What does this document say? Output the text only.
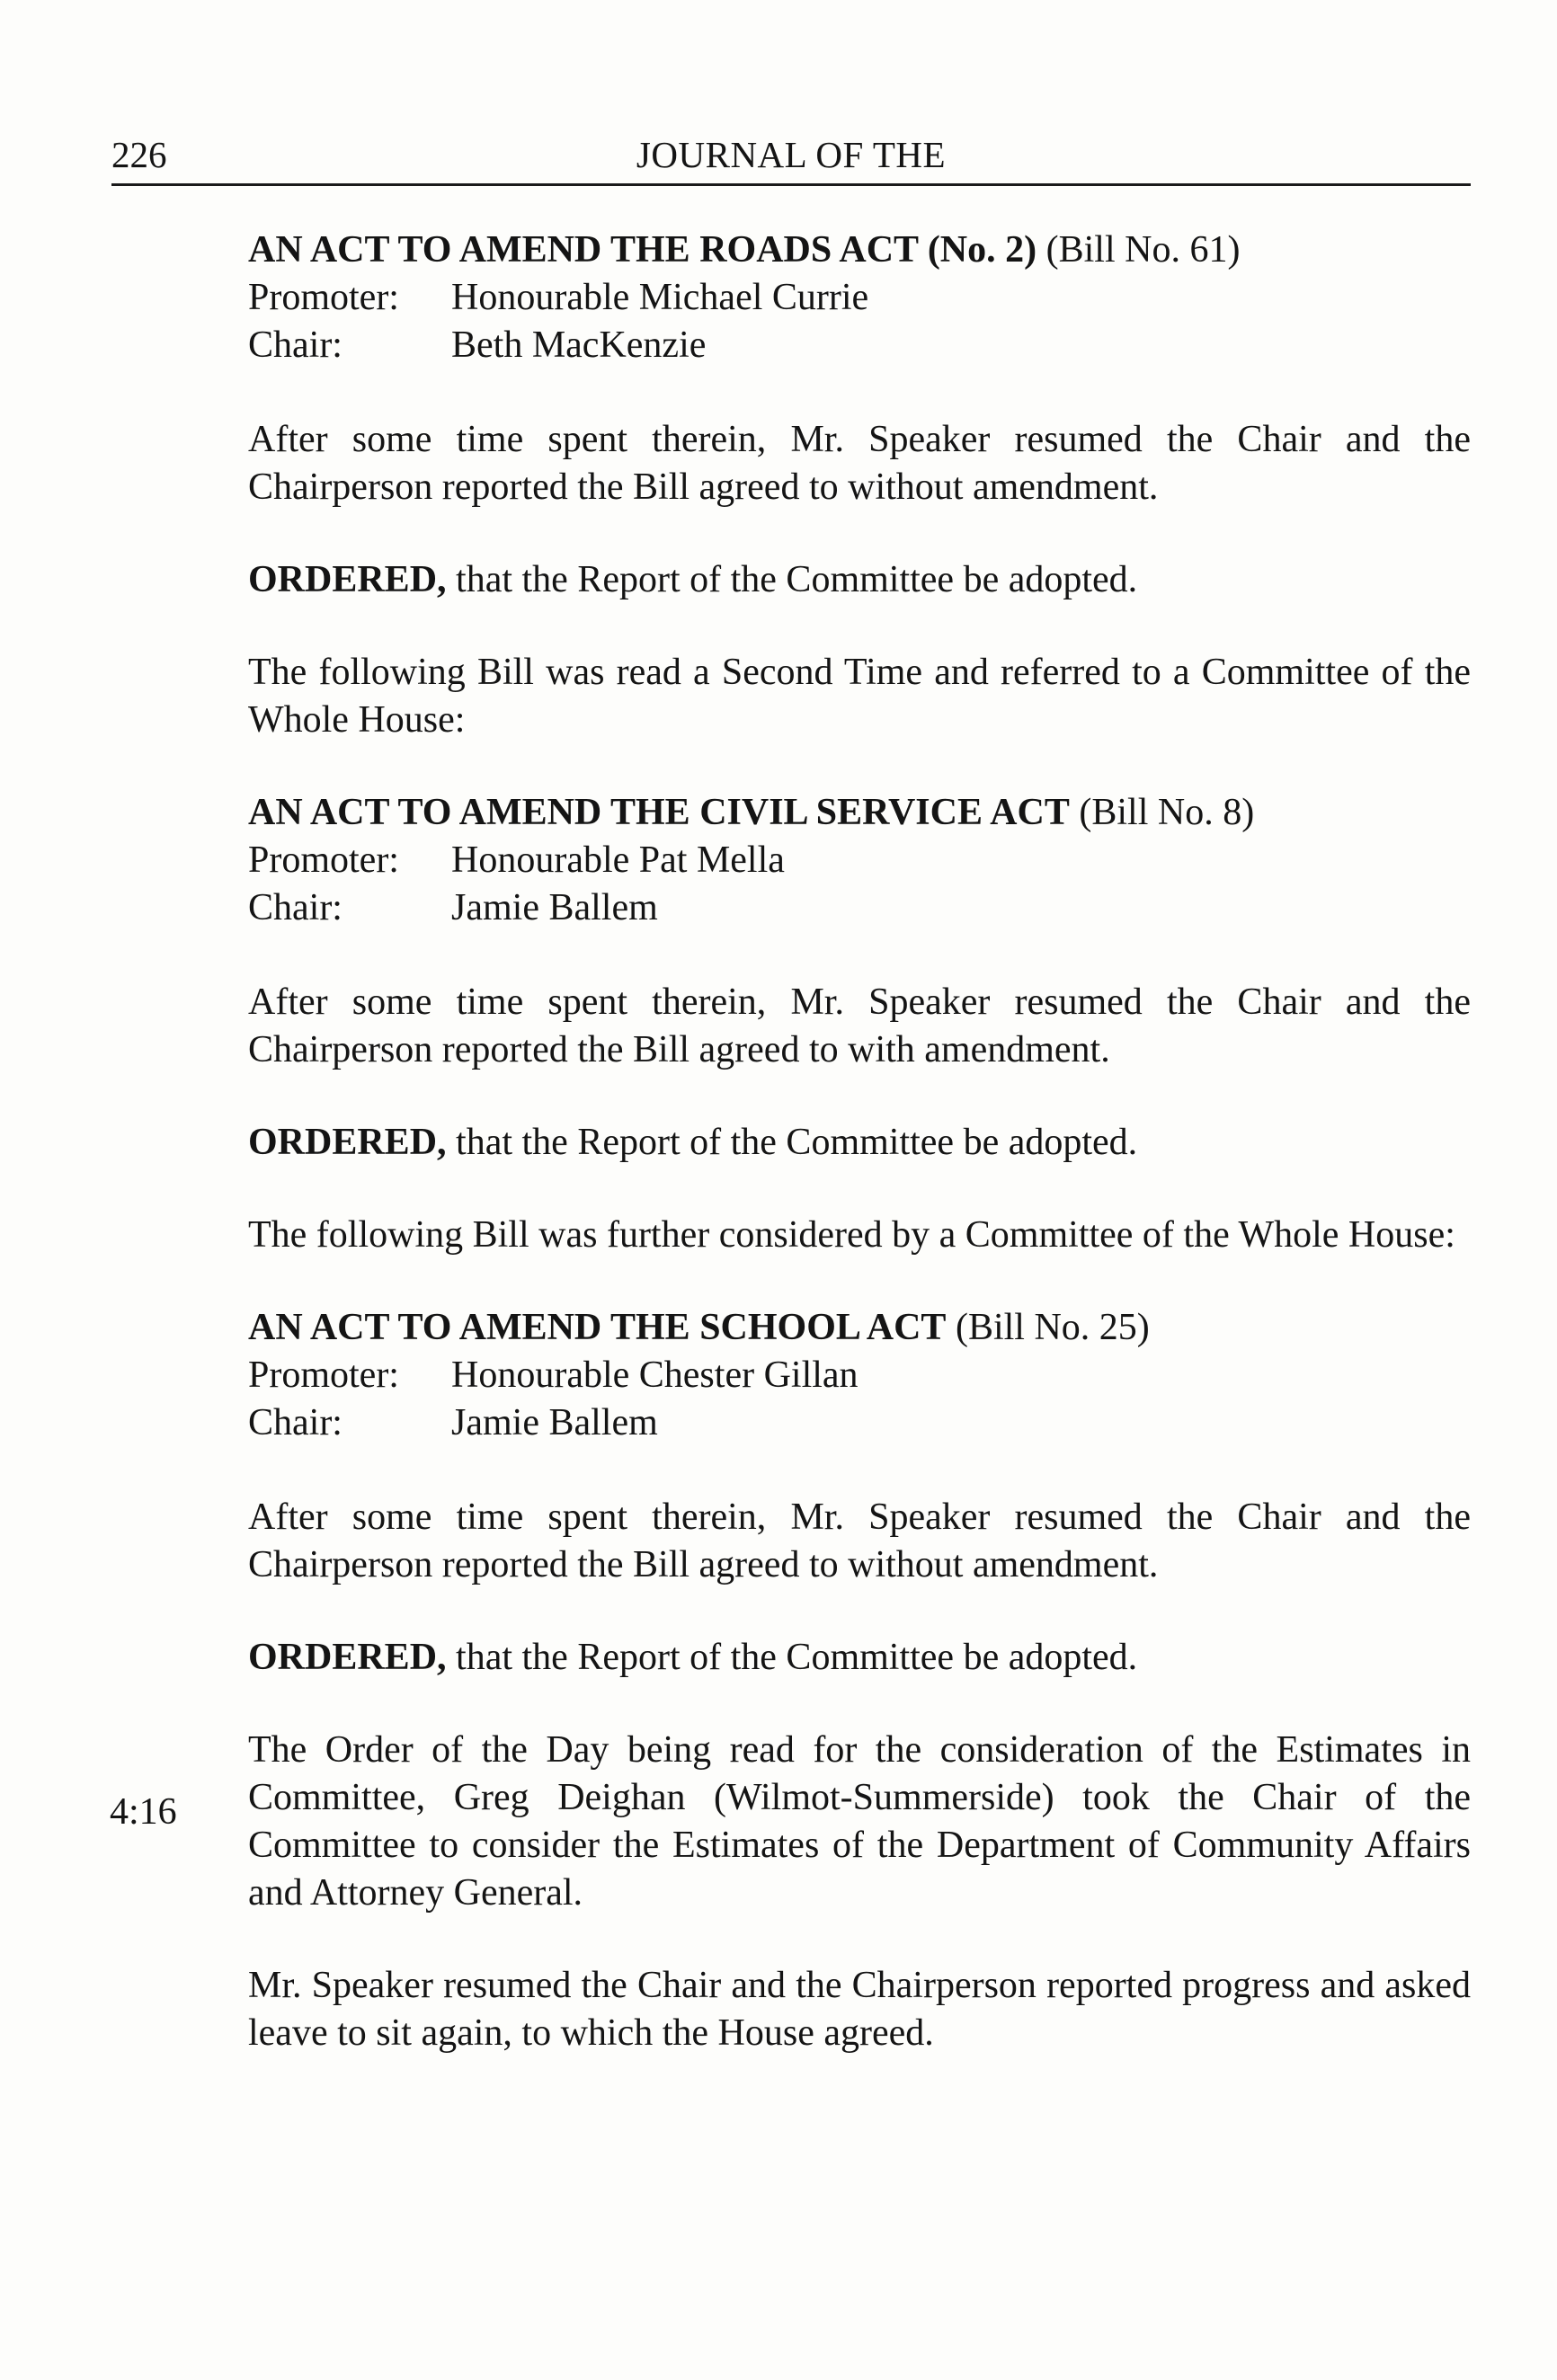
226	JOURNAL OF THE

AN ACT TO AMEND THE ROADS ACT (No. 2) (Bill No. 61)

Promoter:	Honourable Michael Currie
Chair:	Beth MacKenzie

After some time spent therein, Mr. Speaker resumed the Chair and the Chairperson reported the Bill agreed to without amendment.

ORDERED, that the Report of the Committee be adopted.

The following Bill was read a Second Time and referred to a Committee of the Whole House:

AN ACT TO AMEND THE CIVIL SERVICE ACT (Bill No. 8)

Promoter:	Honourable Pat Mella
Chair:	Jamie Ballem

After some time spent therein, Mr. Speaker resumed the Chair and the Chairperson reported the Bill agreed to with amendment.

ORDERED, that the Report of the Committee be adopted.

The following Bill was further considered by a Committee of the Whole House:

AN ACT TO AMEND THE SCHOOL ACT (Bill No. 25)

Promoter:	Honourable Chester Gillan
Chair:	Jamie Ballem

After some time spent therein, Mr. Speaker resumed the Chair and the Chairperson reported the Bill agreed to without amendment.

ORDERED, that the Report of the Committee be adopted.

The Order of the Day being read for the consideration of the Estimates in Committee, Greg Deighan (Wilmot-Summerside) took the Chair of the Committee to consider the Estimates of the Department of Community Affairs and Attorney General.

Mr. Speaker resumed the Chair and the Chairperson reported progress and asked leave to sit again, to which the House agreed.

4:16
